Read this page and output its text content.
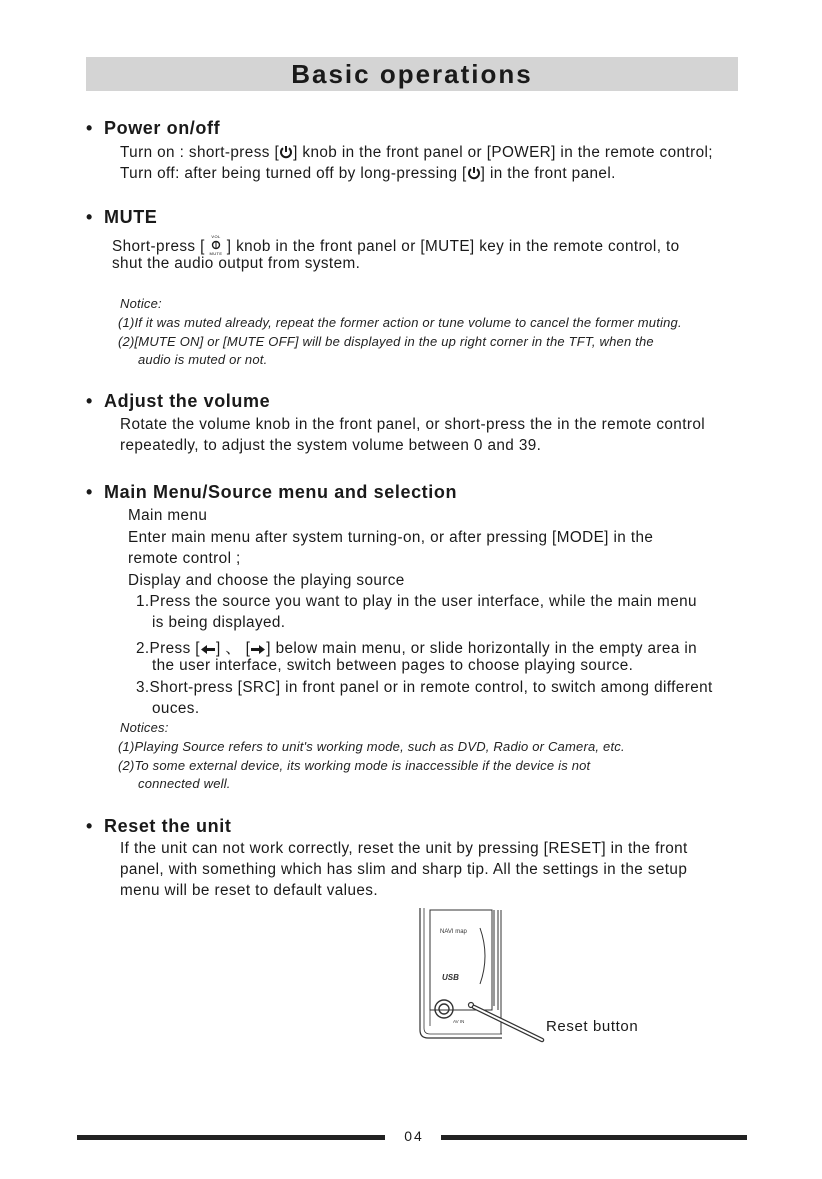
Basic operations
• Power on/off
Turn on : short-press [ ] knob in the front panel or [POWER] in the remote control;
Turn off: after being turned off by long-pressing [ ] in the front panel.
• MUTE
Short-press [
VOL
MUTE ] knob in the front panel or [MUTE] key in the remote control, to
shut the audio output from system.
Notice:
(1)If it was muted already, repeat the former action or tune volume to cancel the former muting.
(2)[MUTE ON] or [MUTE OFF] will be displayed in the up right corner in the TFT, when the
audio is muted or not.
• Adjust the volume
Rotate the volume knob in the front panel, or short-press the in the remote control
repeatedly, to adjust the system volume between 0 and 39.
• Main Menu/Source menu and selection
Main menu
Enter main menu after system turning-on, or after pressing [MODE] in the
remote control ;
Display and choose the playing source
1.Press the source you want to play in the user interface, while the main menu
is being displayed.
2.Press [ ] 、 [ ] below main menu, or slide horizontally in the empty area in
the user interface, switch between pages to choose playing source.
3.Short-press [SRC] in front panel or in remote control, to switch among different
ouces.
Notices:
(1)Playing Source refers to unit's working mode, such as DVD, Radio or Camera, etc.
(2)To some external device, its working mode is inaccessible if the device is not
connected well.
• Reset the unit
If the unit can not work correctly, reset the unit by pressing [RESET] in the front
panel, with something which has slim and sharp tip. All the settings in the setup
menu will be reset to default values.
NAVI map
USB
AV IN	Reset button
04
